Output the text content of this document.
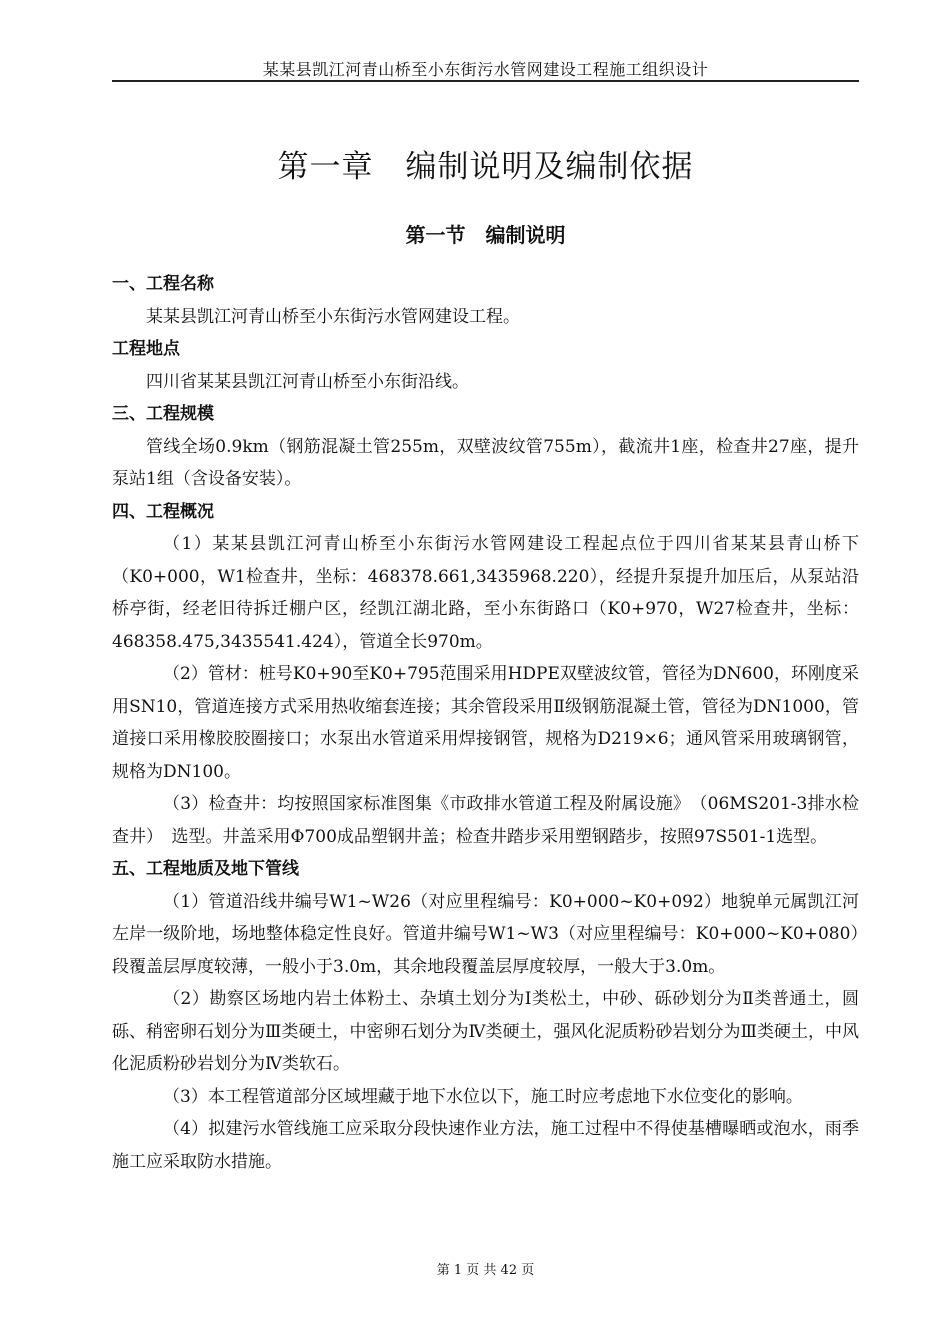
某某县凯江河青山桥至小东街污水管网建设工程施工组织设计
第一章　编制说明及编制依据
第一节　编制说明
一、工程名称

某某县凯江河青山桥至小东街污水管网建设工程。

工程地点

四川省某某县凯江河青山桥至小东街沿线。

三、工程规模

管线全场0.9km（钢筋混凝土管255m，双壁波纹管755m），截流井1座，检查井27座，提升泵站1组（含设备安装）。

四、工程概况

（1）某某县凯江河青山桥至小东街污水管网建设工程起点位于四川省某某县青山桥下（K0+000，W1检查井，坐标：468378.661,3435968.220），经提升泵提升加压后，从泵站沿桥亭街，经老旧待拆迁棚户区，经凯江湖北路，至小东街路口（K0+970，W27检查井，坐标：468358.475,3435541.424），管道全长970m。

（2）管材：桩号K0+90至K0+795范围采用HDPE双壁波纹管，管径为DN600，环刚度采用SN10，管道连接方式采用热收缩套连接；其余管段采用Ⅱ级钢筋混凝土管，管径为DN1000，管道接口采用橡胶胶圈接口；水泵出水管道采用焊接钢管，规格为D219×6；通风管采用玻璃钢管，规格为DN100。

（3）检查井：均按照国家标准图集《市政排水管道工程及附属设施》　（06MS201-3排水检查井）　选型。井盖采用Φ700成品塑钢井盖；检查井踏步采用塑钢踏步，按照97S501-1选型。

五、工程地质及地下管线

（1）管道沿线井编号W1~W26（对应里程编号：K0+000~K0+092）地貌单元属凯江河左岸一级阶地，场地整体稳定性良好。管道井编号W1~W3（对应里程编号：K0+000~K0+080）段覆盖层厚度较薄，一般小于3.0m，其余地段覆盖层厚度较厚，一般大于3.0m。

（2）勘察区场地内岩土体粉土、杂填土划分为Ⅰ类松土，中砂、砾砂划分为Ⅱ类普通土，圆砾、稍密卵石划分为Ⅲ类硬土，中密卵石划分为Ⅳ类硬土，强风化泥质粉砂岩划分为Ⅲ类硬土，中风化泥质粉砂岩划分为Ⅳ类软石。

（3）本工程管道部分区域埋藏于地下水位以下，施工时应考虑地下水位变化的影响。

（4）拟建污水管线施工应采取分段快速作业方法，施工过程中不得使基槽曝晒或泡水，雨季施工应采取防水措施。

第 1 页 共 42 页
